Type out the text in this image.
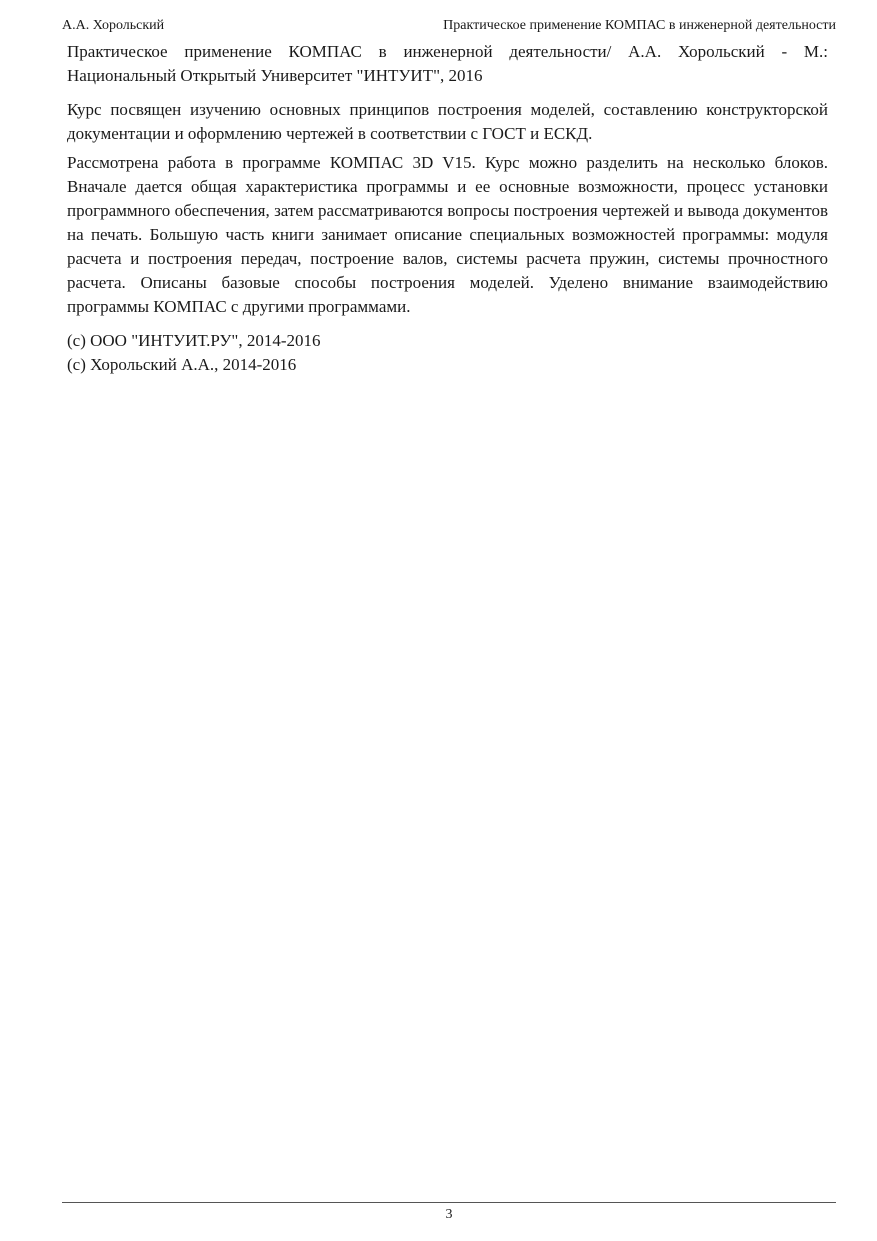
А.А. Хорольский	Практическое применение КОМПАС в инженерной деятельности

Практическое применение КОМПАС в инженерной деятельности/ А.А. Хорольский - М.: Национальный Открытый Университет "ИНТУИТ", 2016

Курс посвящен изучению основных принципов построения моделей, составлению конструкторской документации и оформлению чертежей в соответствии с ГОСТ и ЕСКД.

Рассмотрена работа в программе КОМПАС 3D V15. Курс можно разделить на несколько блоков. Вначале дается общая характеристика программы и ее основные возможности, процесс установки программного обеспечения, затем рассматриваются вопросы построения чертежей и вывода документов на печать. Большую часть книги занимает описание специальных возможностей программы: модуля расчета и построения передач, построение валов, системы расчета пружин, системы прочностного расчета. Описаны базовые способы построения моделей. Уделено внимание взаимодействию программы КОМПАС с другими программами.

(c) ООО "ИНТУИТ.РУ", 2014-2016

(c) Хорольский А.А., 2014-2016

3
